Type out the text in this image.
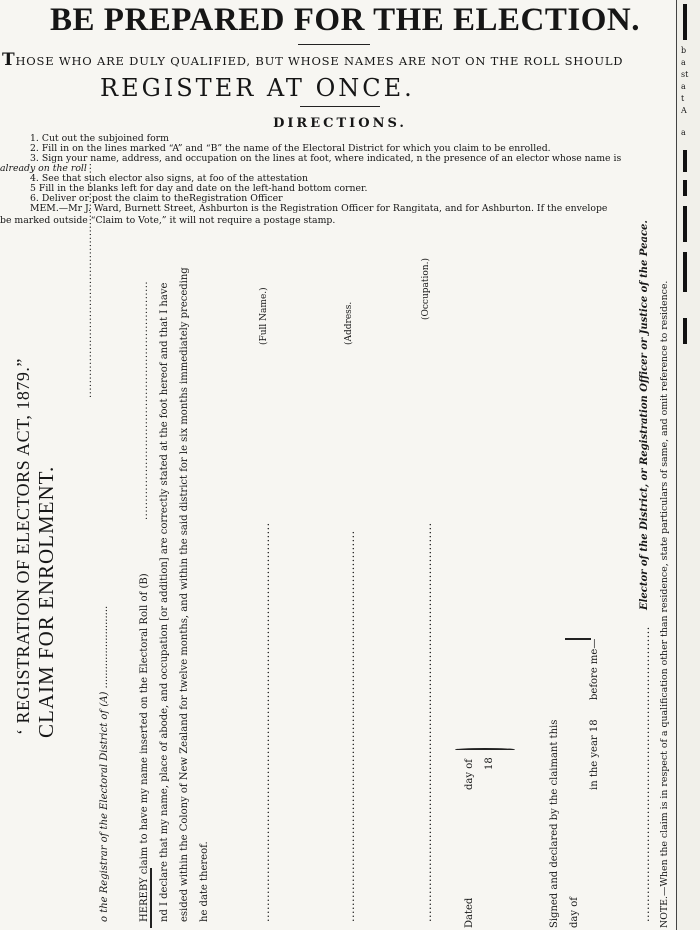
BE PREPARED FOR THE ELECTION.
THOSE WHO ARE DULY QUALIFIED, BUT WHOSE NAMES ARE NOT ON THE ROLL SHOULD
REGISTER AT ONCE.
DIRECTIONS.
1. Cut out the subjoined form
2. Fill in on the lines marked “A” and “B” the name of the Electoral District for which you claim to be enrolled.
3. Sign your name, address, and occupation on the lines at foot, where indicated, n the presence of an elector whose name is
already on the roll
4. See that such elector also signs, at foo of the attestation
5 Fill in the blanks left for day and date on the left-hand bottom corner.
6. Deliver or post the claim to theRegistration Officer
MEM.—Mr J. Ward, Burnett Street, Ashburton is the Registration Officer for Rangitata, and for Ashburton. If the envelope
be marked outside “Claim to Vote,” it will not require a postage stamp.
................................................................
‘ REGISTRATION OF ELECTORS ACT, 1879.” CLAIM FOR ENROLMENT.
o the Registrar of the Electoral District of (A) ..........................	HEREBY claim to have my name inserted on the Electoral Roll of (B)
................................................................. nd I declare that my name, place of abode, and occupation [or addition] are correctly stated at the foot hereof and that I have esided within the Colony of New Zealand for twelve months, and within the said district for le six months immediately preceding he date thereof.	....................................................................................................
(Full Name.)
..................................................................................................
(Address.
....................................................................................................
(Occupation.)
Dated
day of 18	Signed and declared by the claimant this day of
in the year 18
before me—	..........................................................................
Elector of the District, or Registration Officer or Justice of the Peace. NOTE.—When the claim is in respect of a qualification other than residence, state particulars of same, and omit reference to residence.
b
a
st
a
t
A
a
